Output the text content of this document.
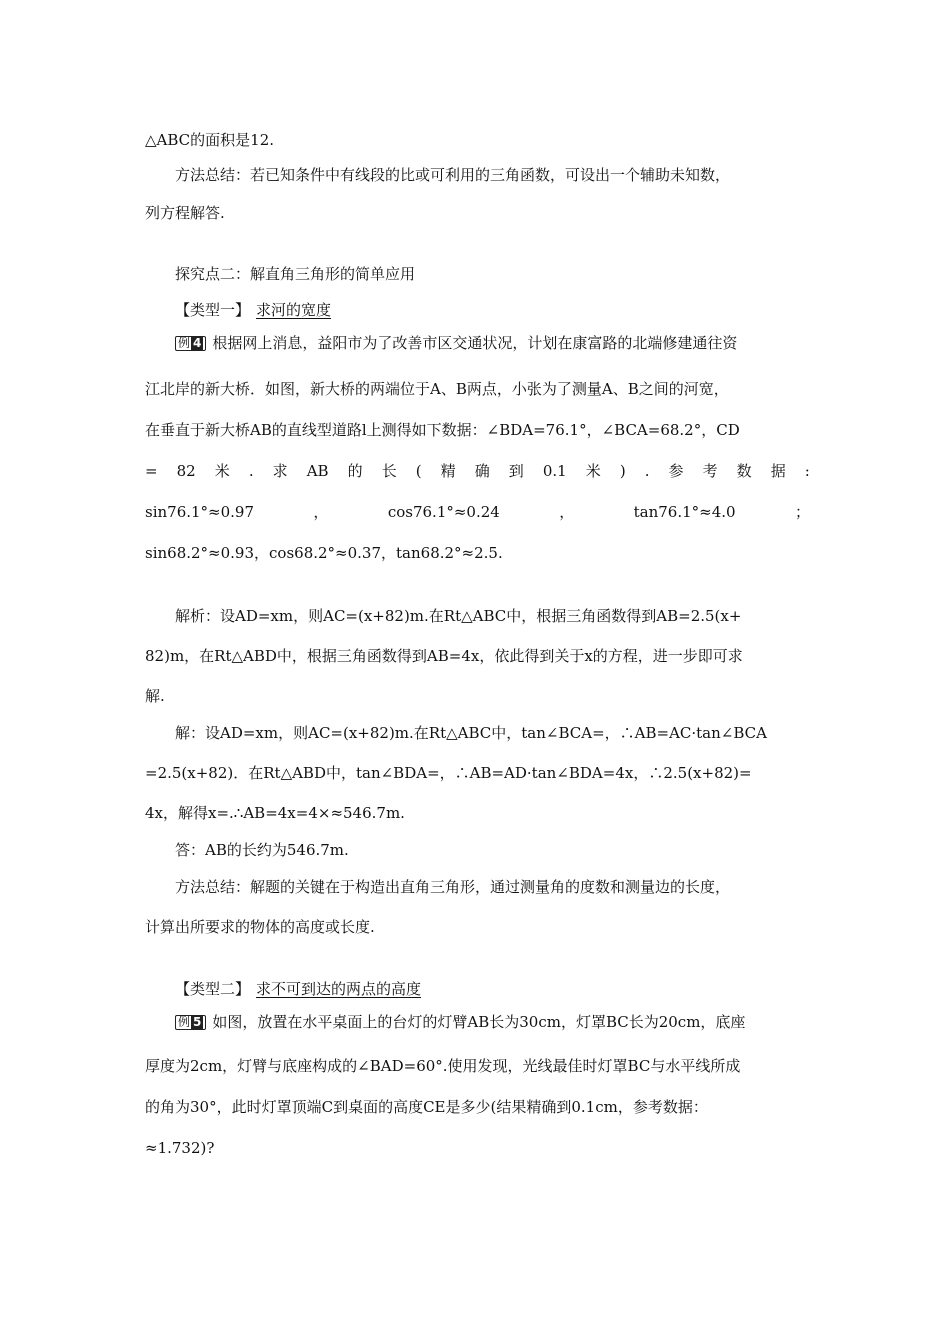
△ABC的面积是12.
方法总结：若已知条件中有线段的比或可利用的三角函数，可设出一个辅助未知数，
列方程解答.
探究点二：解直角三角形的简单应用
【类型一】 求河的宽度
例 4 根据网上消息，益阳市为了改善市区交通状况，计划在康富路的北端修建通往资
江北岸的新大桥．如图，新大桥的两端位于A、B两点，小张为了测量A、B之间的河宽，
在垂直于新大桥AB的直线型道路l上测得如下数据：∠BDA=76.1°，∠BCA=68.2°，CD
= 82 米 . 求 AB 的 长 ( 精 确 到 0.1 米 ) . 参 考 数 据 :
sin76.1°≈0.97	，	cos76.1°≈0.24	，	tan76.1°≈4.0	；
sin68.2°≈0.93，cos68.2°≈0.37，tan68.2°≈2.5.
解析：设AD=xm，则AC=(x+82)m.在Rt△ABC中，根据三角函数得到AB=2.5(x+
82)m，在Rt△ABD中，根据三角函数得到AB=4x，依此得到关于x的方程，进一步即可求
解.
解：设AD=xm，则AC=(x+82)m.在Rt△ABC中，tan∠BCA=，∴AB=AC·tan∠BCA
=2.5(x+82)．在Rt△ABD中，tan∠BDA=，∴AB=AD·tan∠BDA=4x，∴2.5(x+82)=
4x，解得x=.∴AB=4x=4×≈546.7m.
答：AB的长约为546.7m.
方法总结：解题的关键在于构造出直角三角形，通过测量角的度数和测量边的长度，
计算出所要求的物体的高度或长度.
【类型二】 求不可到达的两点的高度
例 5 如图，放置在水平桌面上的台灯的灯臂AB长为30cm，灯罩BC长为20cm，底座
厚度为2cm，灯臂与底座构成的∠BAD=60°.使用发现，光线最佳时灯罩BC与水平线所成
的角为30°，此时灯罩顶端C到桌面的高度CE是多少(结果精确到0.1cm，参考数据：
≈1.732)?
